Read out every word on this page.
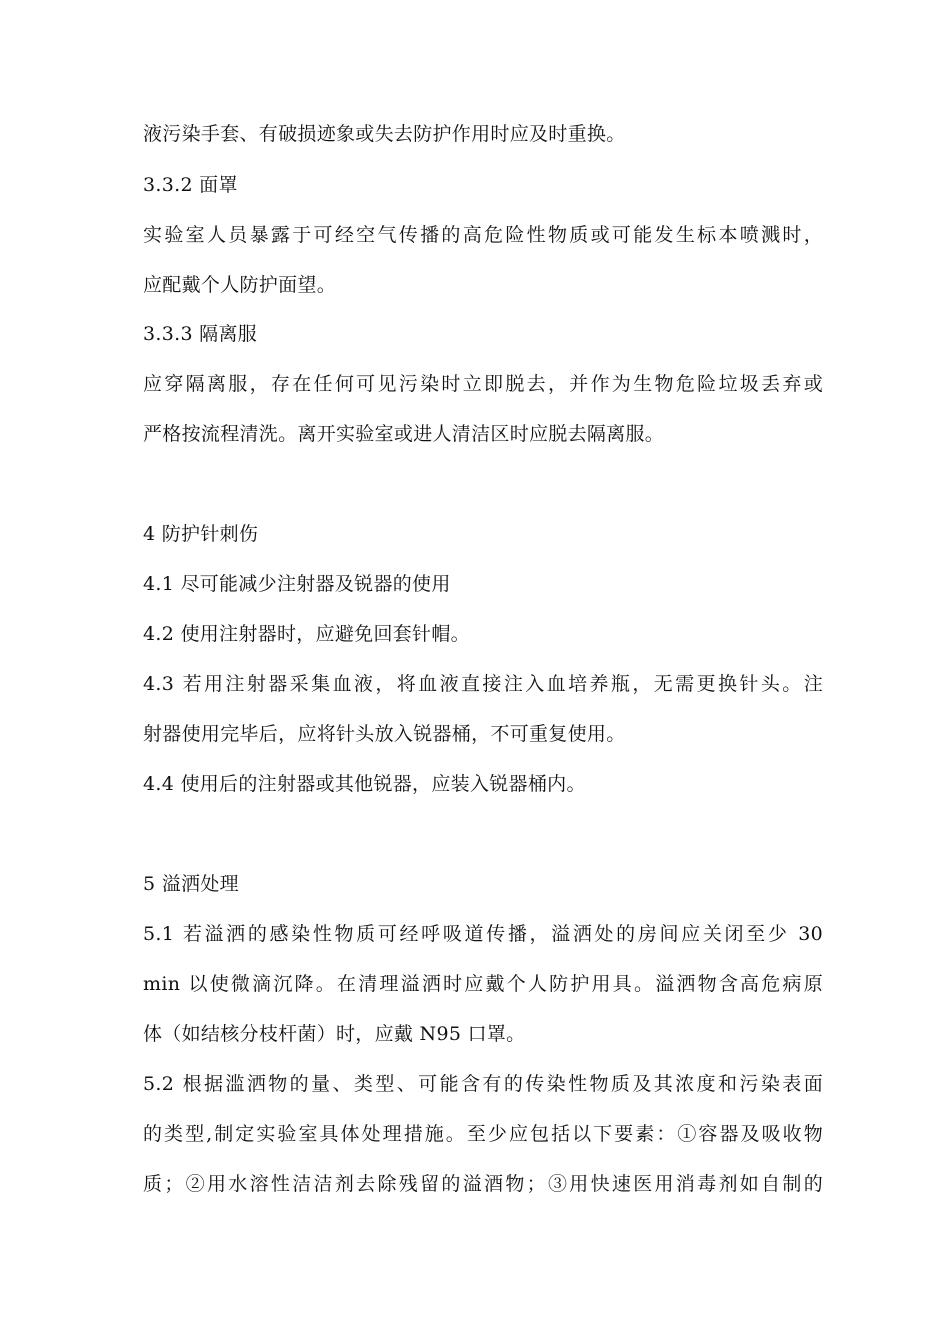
液污染手套、有破损迹象或失去防护作用时应及时重换。

3.3.2 面罩

实验室人员暴露于可经空气传播的高危险性物质或可能发生标本喷溅时，

应配戴个人防护面望。

3.3.3 隔离服

应穿隔离服，存在任何可见污染时立即脱去，并作为生物危险垃圾丢弃或

严格按流程清洗。离开实验室或进人清洁区时应脱去隔离服。

4 防护针刺伤

4.1 尽可能减少注射器及锐器的使用

4.2 使用注射器时，应避免回套针帽。

4.3 若用注射器采集血液，将血液直接注入血培养瓶，无需更换针头。注

射器使用完毕后，应将针头放入锐器桶，不可重复使用。

4.4 使用后的注射器或其他锐器，应装入锐器桶内。

5 溢洒处理

5.1 若溢洒的感染性物质可经呼吸道传播，溢洒处的房间应关闭至少 30

min 以使微滴沉降。在清理溢洒时应戴个人防护用具。溢洒物含高危病原

体（如结核分枝杆菌）时，应戴 N95 口罩。

5.2 根据滥洒物的量、类型、可能含有的传染性物质及其浓度和污染表面

的类型,制定实验室具体处理措施。至少应包括以下要素：①容器及吸收物

质；②用水溶性洁洁剂去除残留的溢酒物；③用快速医用消毒剂如自制的
